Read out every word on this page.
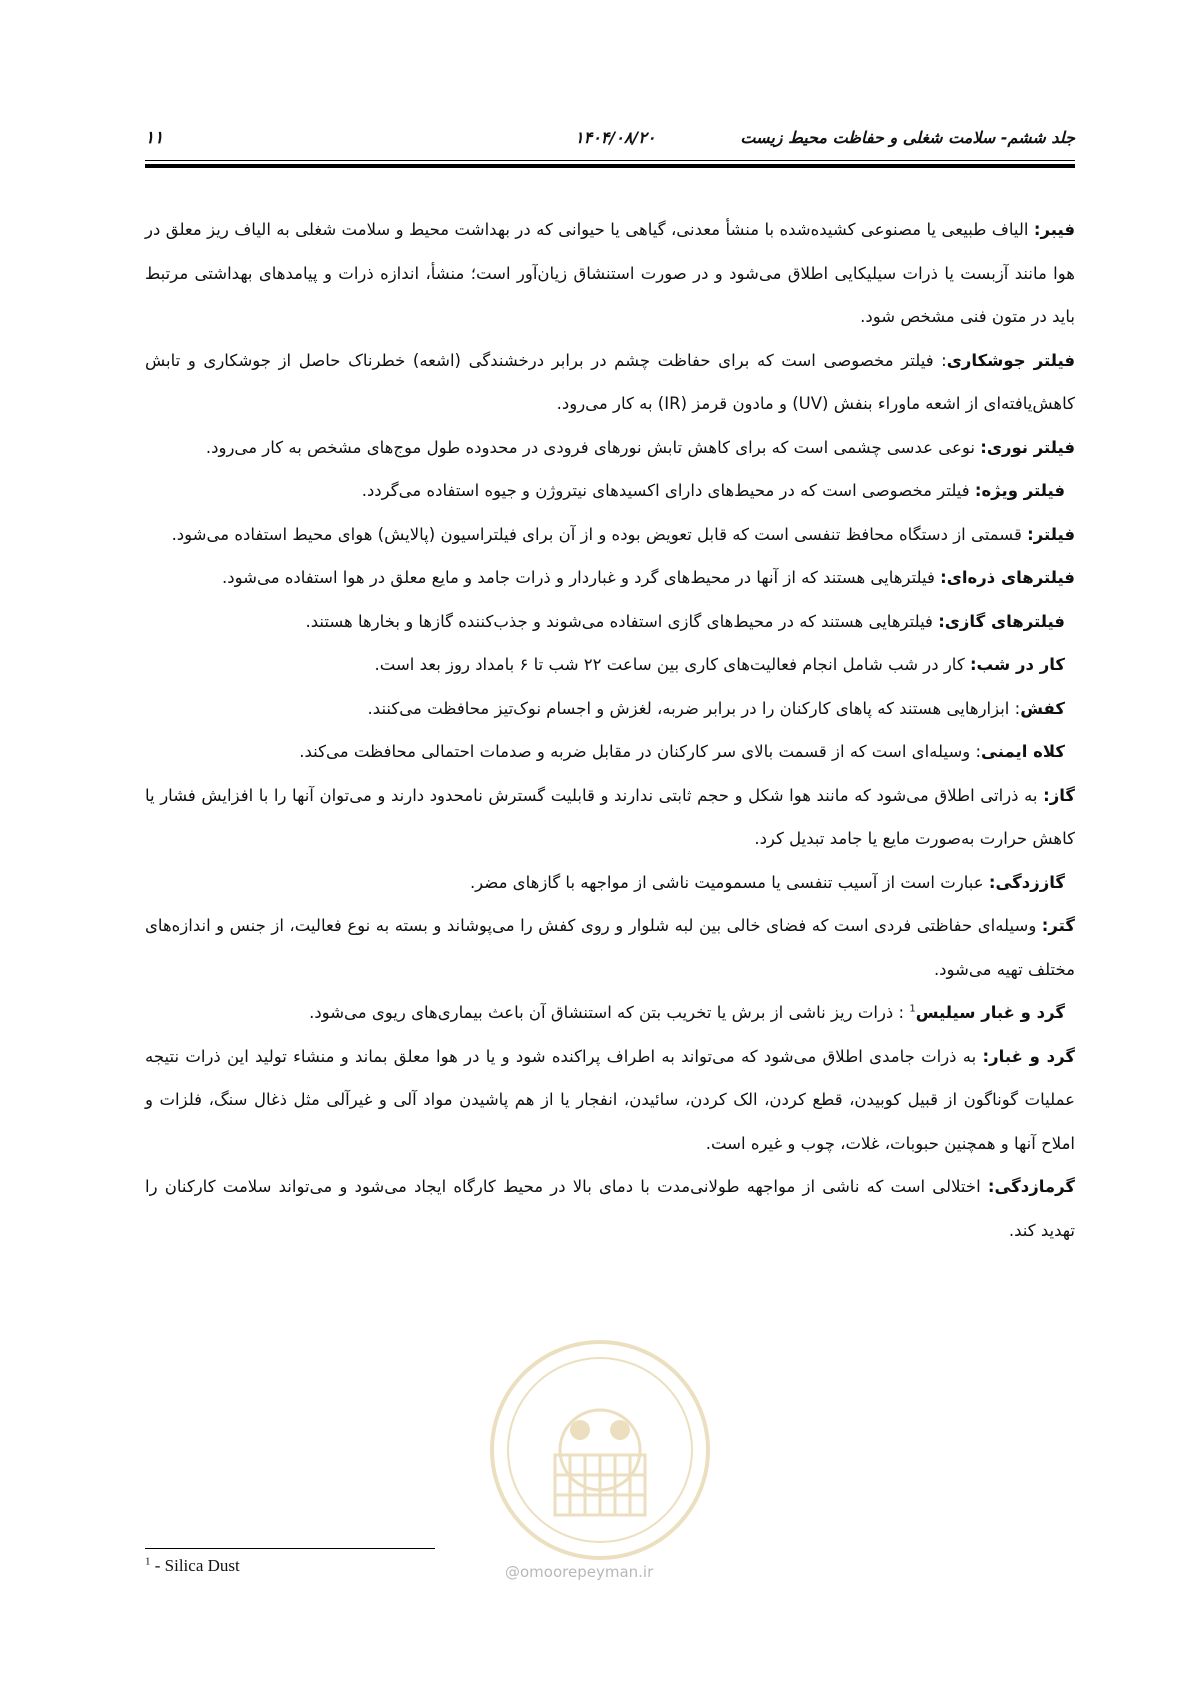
۱۱	۱۴۰۴/۰۸/۲۰	جلد ششم- سلامت شغلی و حفاظت محیط زیست

فیبر: الیاف طبیعی یا مصنوعی کشیده‌شده با منشأ معدنی، گیاهی یا حیوانی که در بهداشت محیط و سلامت شغلی به الیاف ریز معلق در هوا مانند آزبست یا ذرات سیلیکایی اطلاق می‌شود و در صورت استنشاق زیان‌آور است؛ منشأ، اندازه ذرات و پیامدهای بهداشتی مرتبط باید در متون فنی مشخص شود.

فیلتر جوشکاری: فیلتر مخصوصی است که برای حفاظت چشم در برابر درخشندگی (اشعه) خطرناک حاصل از جوشکاری و تابش کاهش‌یافته‌ای از اشعه ماوراء بنفش (UV) و مادون قرمز (IR) به کار می‌رود.

فیلتر نوری: نوعی عدسی چشمی است که برای کاهش تابش نورهای فرودی در محدوده طول موج‌های مشخص به کار می‌رود.

فیلتر ویژه: فیلتر مخصوصی است که در محیط‌های دارای اکسیدهای نیتروژن و جیوه استفاده می‌گردد.

فیلتر: قسمتی از دستگاه محافظ تنفسی است که قابل تعویض بوده و از آن برای فیلتراسیون (پالایش) هوای محیط استفاده می‌شود.

فیلترهای ذره‌ای: فیلترهایی هستند که از آنها در محیط‌های گرد و غباردار و ذرات جامد و مایع معلق در هوا استفاده می‌شود.

فیلترهای گازی: فیلترهایی هستند که در محیط‌های گازی استفاده می‌شوند و جذب‌کننده گازها و بخارها هستند.

کار در شب: کار در شب شامل انجام فعالیت‌های کاری بین ساعت ۲۲ شب تا ۶ بامداد روز بعد است.

کفش: ابزارهایی هستند که پاهای کارکنان را در برابر ضربه، لغزش و اجسام نوک‌تیز محافظت می‌کنند.

کلاه ایمنی: وسیله‌ای است که از قسمت بالای سر کارکنان در مقابل ضربه و صدمات احتمالی محافظت می‌کند.

گاز: به ذراتی اطلاق می‌شود که مانند هوا شکل و حجم ثابتی ندارند و قابلیت گسترش نامحدود دارند و می‌توان آنها را با افزایش فشار یا کاهش حرارت به‌صورت مایع یا جامد تبدیل کرد.

گاززدگی: عبارت است از آسیب تنفسی یا مسمومیت ناشی از مواجهه با گازهای مضر.

گتر: وسیله‌ای حفاظتی فردی است که فضای خالی بین لبه شلوار و روی کفش را می‌پوشاند و بسته به نوع فعالیت، از جنس و اندازه‌های مختلف تهیه می‌شود.

گرد و غبار سیلیس$^1$ : ذرات ریز ناشی از برش یا تخریب بتن که استنشاق آن باعث بیماری‌های ریوی می‌شود.

گرد و غبار: به ذرات جامدی اطلاق می‌شود که می‌تواند به اطراف پراکنده شود و یا در هوا معلق بماند و منشاء تولید این ذرات نتیجه عملیات گوناگون از قبیل کوبیدن، قطع کردن، الک کردن، سائیدن، انفجار یا از هم پاشیدن مواد آلی و غیرآلی مثل ذغال سنگ، فلزات و املاح آنها و همچنین حبوبات، غلات، چوب و غیره است.

گرمازدگی: اختلالی است که ناشی از مواجهه طولانی‌مدت با دمای بالا در محیط کارگاه ایجاد می‌شود و می‌تواند سلامت کارکنان را تهدید کند.

@omoorepeyman.ir
$^1$ - Silica Dust
